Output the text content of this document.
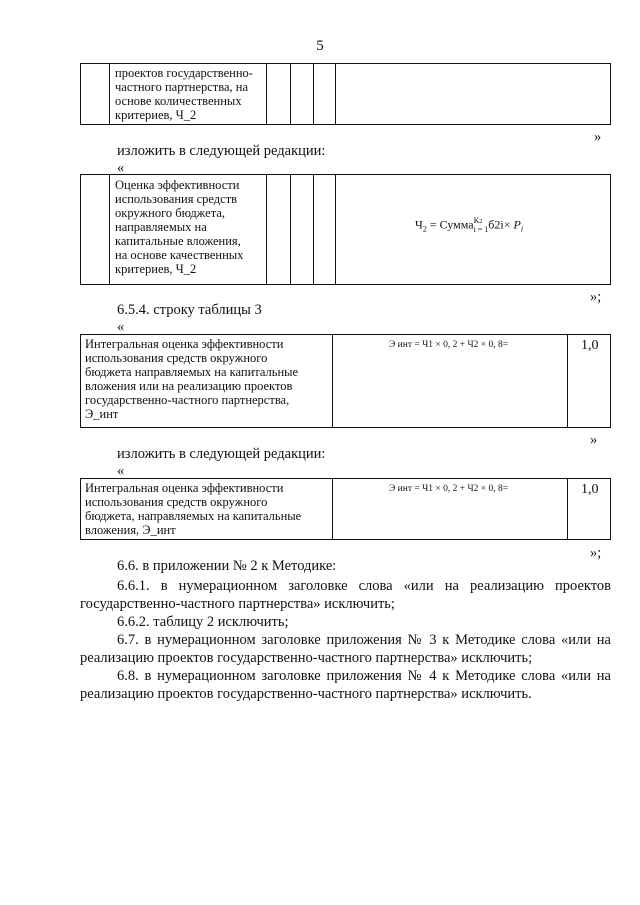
5
проектов государственно-
частного партнерства, на
основе количественных
критериев, Ч_2
»
изложить в следующей редакции:
«
Оценка эффективности
использования средств
окружного бюджета,
направляемых на
капитальные вложения,
на основе качественных
критериев, Ч_2
$Ч_2$ = Сумма K2
i = 1 $б2i\times P_i$
»;
6.5.4. строку таблицы 3
«
Интегральная оценка эффективности
использования средств окружного
бюджета направляемых на капитальные
вложения или на реализацию проектов
государственно-частного партнерства,
Э_инт
Э инт = Ч1 × 0, 2 + Ч2 × 0, 8=	1,0
»
изложить в следующей редакции:
«
Интегральная оценка эффективности
использования средств окружного
бюджета, направляемых на капитальные
вложения, Э_инт
Э инт = Ч1 × 0, 2 + Ч2 × 0, 8=	1,0
»;
6.6. в приложении № 2 к Методике:
6.6.1. в нумерационном заголовке слова «или на реализацию проектов
государственно-частного партнерства» исключить;
6.6.2. таблицу 2 исключить;
6.7. в нумерационном заголовке приложения № 3 к Методике слова «или на
реализацию проектов государственно-частного партнерства» исключить;
6.8. в нумерационном заголовке приложения № 4 к Методике слова «или на
реализацию проектов государственно-частного партнерства» исключить.
